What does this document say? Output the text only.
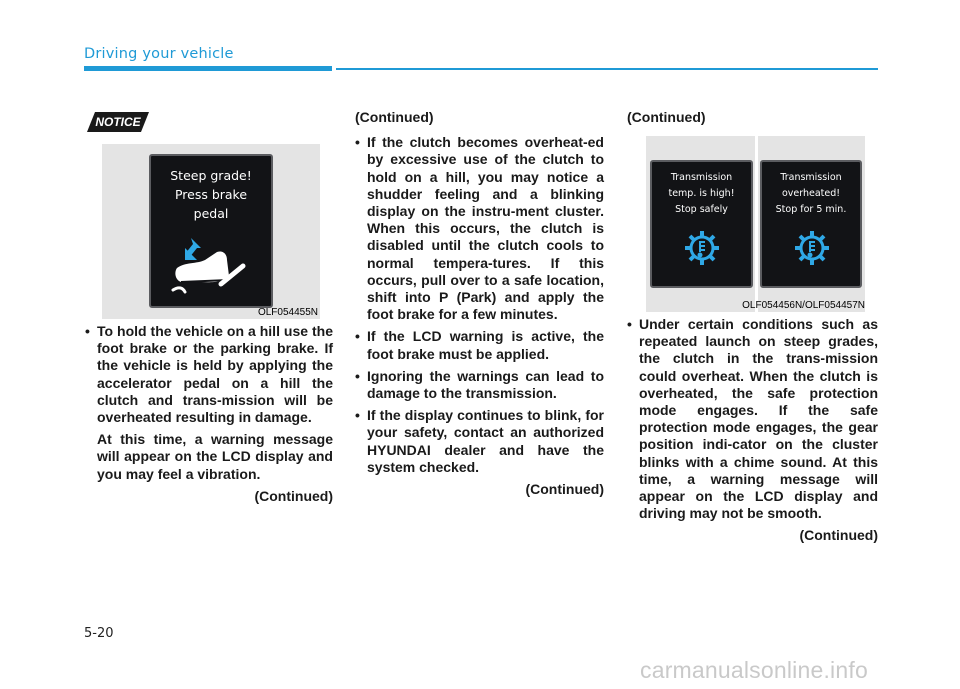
Driving your vehicle
NOTICE
Steep grade!
Press brake
pedal
OLF054455N
Transmission
temp. is high!
Stop safely
Transmission
overheated!
Stop for 5 min.
OLF054456N/OLF054457N
• To hold the vehicle on a hill use the foot brake or the parking brake. If the vehicle is held by applying the accelerator pedal on a hill the clutch and trans-mission will be overheated resulting in damage.
At this time, a warning message will appear on the LCD display and you may feel a vibration.
(Continued)
(Continued)
• If the clutch becomes overheat-ed by excessive use of the clutch to hold on a hill, you may notice a shudder feeling and a blinking display on the instru-ment cluster. When this occurs, the clutch is disabled until the clutch cools to normal tempera-tures. If this occurs, pull over to a safe location, shift into P (Park) and apply the foot brake for a few minutes.
• If the LCD warning is active, the foot brake must be applied.
• Ignoring the warnings can lead to damage to the transmission.
• If the display continues to blink, for your safety, contact an authorized HYUNDAI dealer and have the system checked.
(Continued)
(Continued)
• Under certain conditions such as repeated launch on steep grades, the clutch in the trans-mission could overheat. When the clutch is overheated, the safe protection mode engages. If the safe protection mode engages, the gear position indi-cator on the cluster blinks with a chime sound. At this time, a warning message will appear on the LCD display and driving may not be smooth.
(Continued)
5-20
carmanualsonline.info
